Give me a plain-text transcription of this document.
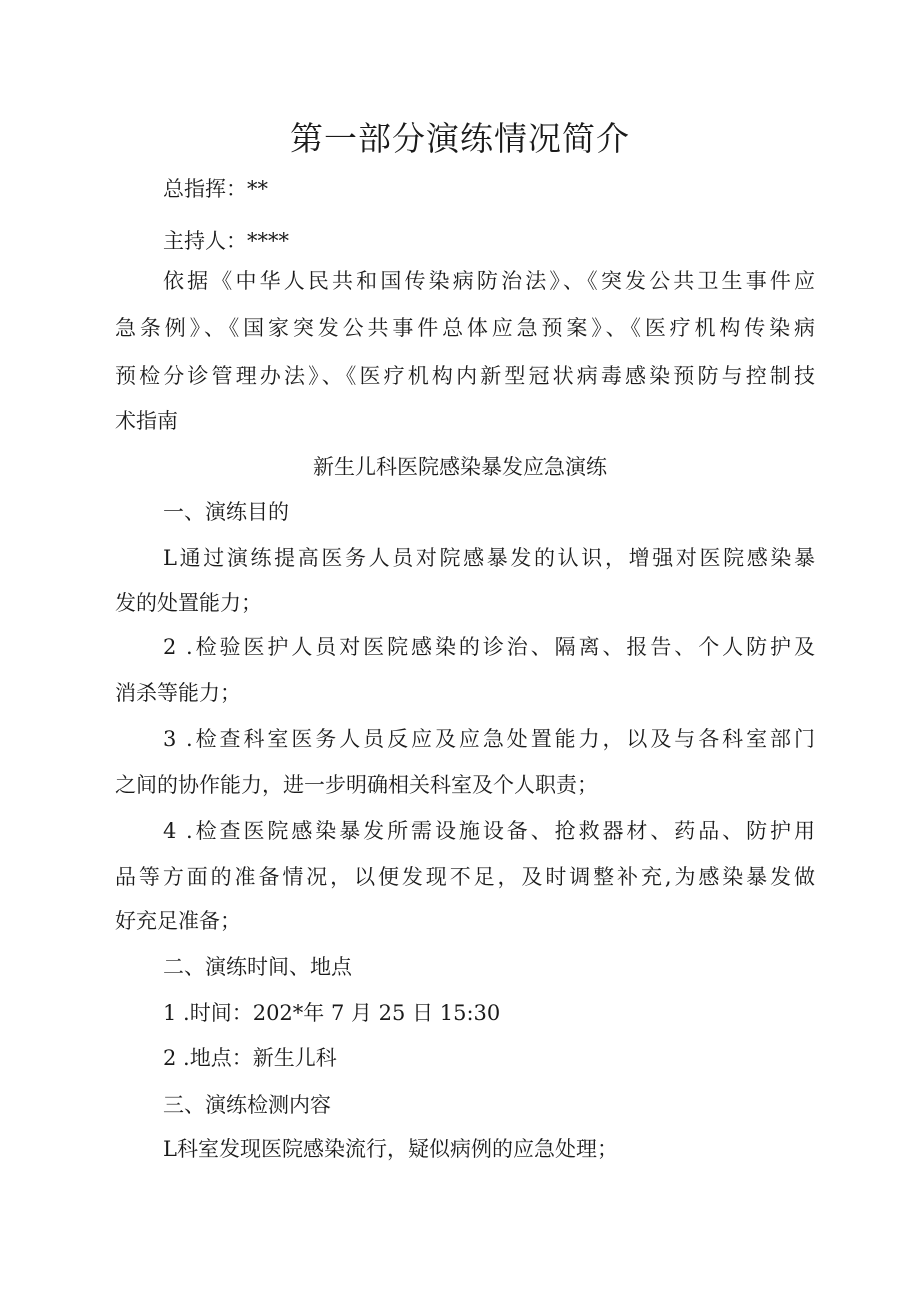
第一部分演练情况简介

总指挥：**

主持人：****

依据《中华人民共和国传染病防治法》、《突发公共卫生事件应

急条例》、《国家突发公共事件总体应急预案》、《医疗机构传染病

预检分诊管理办法》、《医疗机构内新型冠状病毒感染预防与控制技

术指南

新生儿科医院感染暴发应急演练

一、演练目的

L通过演练提高医务人员对院感暴发的认识，增强对医院感染暴

发的处置能力；

2 .检验医护人员对医院感染的诊治、隔离、报告、个人防护及

消杀等能力；

3 .检查科室医务人员反应及应急处置能力，以及与各科室部门

之间的协作能力，进一步明确相关科室及个人职责；

4 .检查医院感染暴发所需设施设备、抢救器材、药品、防护用

品等方面的准备情况，以便发现不足，及时调整补充,为感染暴发做

好充足准备；

二、演练时间、地点

1 .时间：202*年 7 月 25 日 15:30

2 .地点：新生儿科

三、演练检测内容

L科室发现医院感染流行，疑似病例的应急处理；
